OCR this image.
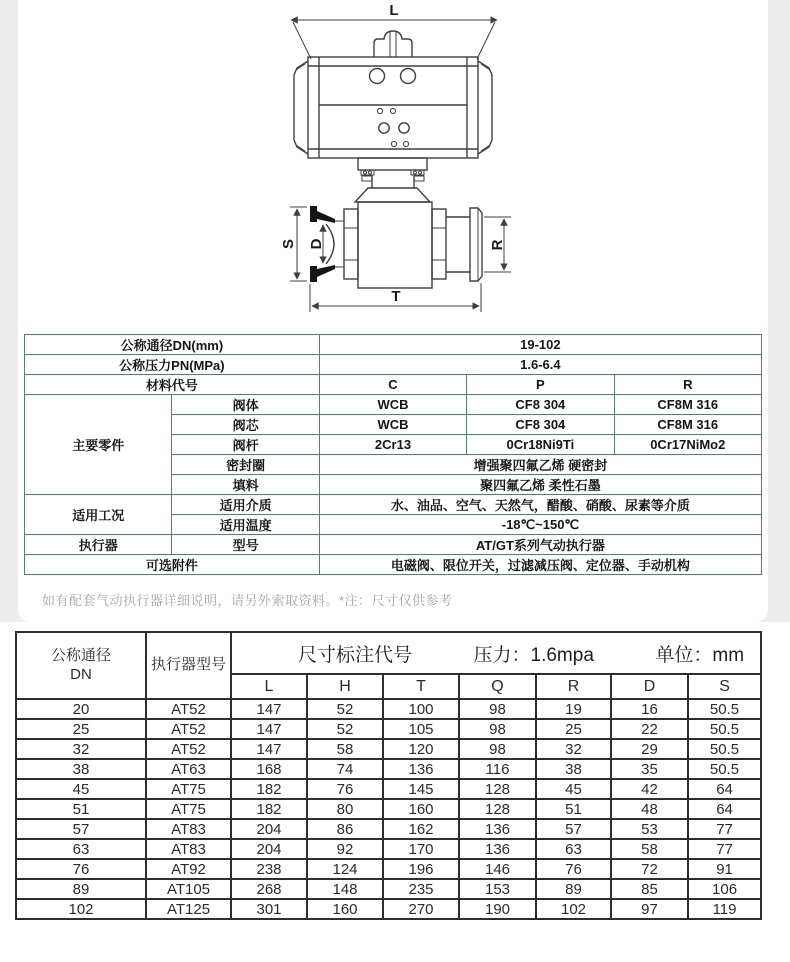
L
S D	R
T
公称通径DN(mm)		19-102		
公称压力PN(MPa)		1.6-6.4		
材料代号		C	P	R
主要零件	阀体	WCB	CF8 304	CF8M 316
	阀芯	WCB	CF8 304	CF8M 316
	阀杆	2Cr13	0Cr18Ni9Ti	0Cr17NiMo2
	密封圈	增强聚四氟乙烯 硬密封		
	填料	聚四氟乙烯 柔性石墨		
适用工况	适用介质	水、油品、空气、天然气，醋酸、硝酸、尿素等介质		
	适用温度	-18℃~150℃		
执行器	型号	AT/GT系列气动执行器		
可选附件		电磁阀、限位开关，过滤减压阀、定位器、手动机构		
如有配套气动执行器详细说明，请另外索取资料。*注：尺寸仅供参考
公称通径
DN	执行器型号	尺寸标注代号 压力：1.6mpa 单位：mm						

		L	H	T	Q	R	D	S
20	AT52	147	52	100	98	19	16	50.5
25	AT52	147	52	105	98	25	22	50.5
32	AT52	147	58	120	98	32	29	50.5
38	AT63	168	74	136	116	38	35	50.5
45	AT75	182	76	145	128	45	42	64
51	AT75	182	80	160	128	51	48	64
57	AT83	204	86	162	136	57	53	77
63	AT83	204	92	170	136	63	58	77
76	AT92	238	124	196	146	76	72	91
89	AT105	268	148	235	153	89	85	106
102	AT125	301	160	270	190	102	97	119
